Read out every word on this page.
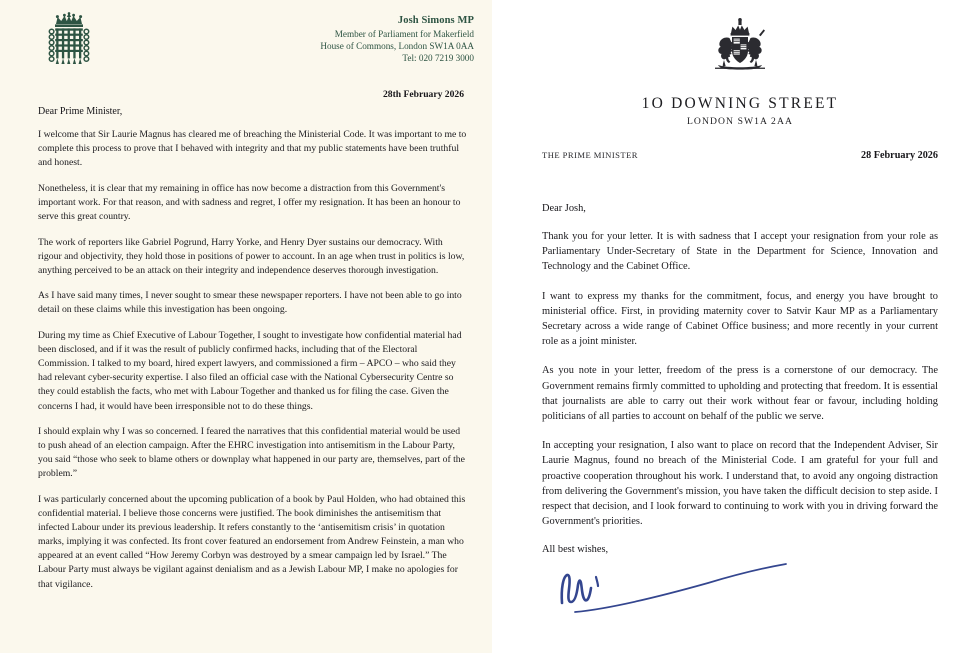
Josh Simons MP
Member of Parliament for Makerfield
House of Commons, London SW1A 0AA
Tel: 020 7219 3000
28th February 2026
Dear Prime Minister,

I welcome that Sir Laurie Magnus has cleared me of breaching the Ministerial Code. It was important to me to complete this process to prove that I behaved with integrity and that my public statements have been truthful and honest.

Nonetheless, it is clear that my remaining in office has now become a distraction from this Government's important work. For that reason, and with sadness and regret, I offer my resignation. It has been an honour to serve this great country.

The work of reporters like Gabriel Pogrund, Harry Yorke, and Henry Dyer sustains our democracy. With rigour and objectivity, they hold those in positions of power to account. In an age when trust in politics is low, anything perceived to be an attack on their integrity and independence deserves thorough investigation.

As I have said many times, I never sought to smear these newspaper reporters. I have not been able to go into detail on these claims while this investigation has been ongoing.

During my time as Chief Executive of Labour Together, I sought to investigate how confidential material had been disclosed, and if it was the result of publicly confirmed hacks, including that of the Electoral Commission. I talked to my board, hired expert lawyers, and commissioned a firm – APCO – who said they had relevant cyber-security expertise. I also filed an official case with the National Cybersecurity Centre so they could establish the facts, who met with Labour Together and thanked us for filing the case. Given the concerns I had, it would have been irresponsible not to do these things.

I should explain why I was so concerned. I feared the narratives that this confidential material would be used to push ahead of an election campaign. After the EHRC investigation into antisemitism in the Labour Party, you said “those who seek to blame others or downplay what happened in our party are, themselves, part of the problem.”

I was particularly concerned about the upcoming publication of a book by Paul Holden, who had obtained this confidential material. I believe those concerns were justified. The book diminishes the antisemitism that infected Labour under its previous leadership. It refers constantly to the ‘antisemitism crisis’ in quotation marks, implying it was confected. Its front cover featured an endorsement from Andrew Feinstein, a man who appeared at an event called “How Jeremy Corbyn was destroyed by a smear campaign led by Israel.” The Labour Party must always be vigilant against denialism and as a Jewish Labour MP, I make no apologies for that vigilance.

1O DOWNING STREET
LONDON SW1A 2AA
THE PRIME MINISTER	28 February 2026
Dear Josh,

Thank you for your letter. It is with sadness that I accept your resignation from your role as Parliamentary Under-Secretary of State in the Department for Science, Innovation and Technology and the Cabinet Office.

I want to express my thanks for the commitment, focus, and energy you have brought to ministerial office. First, in providing maternity cover to Satvir Kaur MP as a Parliamentary Secretary across a wide range of Cabinet Office business; and more recently in your current role as a joint minister.

As you note in your letter, freedom of the press is a cornerstone of our democracy. The Government remains firmly committed to upholding and protecting that freedom. It is essential that journalists are able to carry out their work without fear or favour, including holding politicians of all parties to account on behalf of the public we serve.

In accepting your resignation, I also want to place on record that the Independent Adviser, Sir Laurie Magnus, found no breach of the Ministerial Code. I am grateful for your full and proactive cooperation throughout his work. I understand that, to avoid any ongoing distraction from delivering the Government's mission, you have taken the difficult decision to step aside. I respect that decision, and I look forward to continuing to work with you in driving forward the Government's priorities.

All best wishes,
